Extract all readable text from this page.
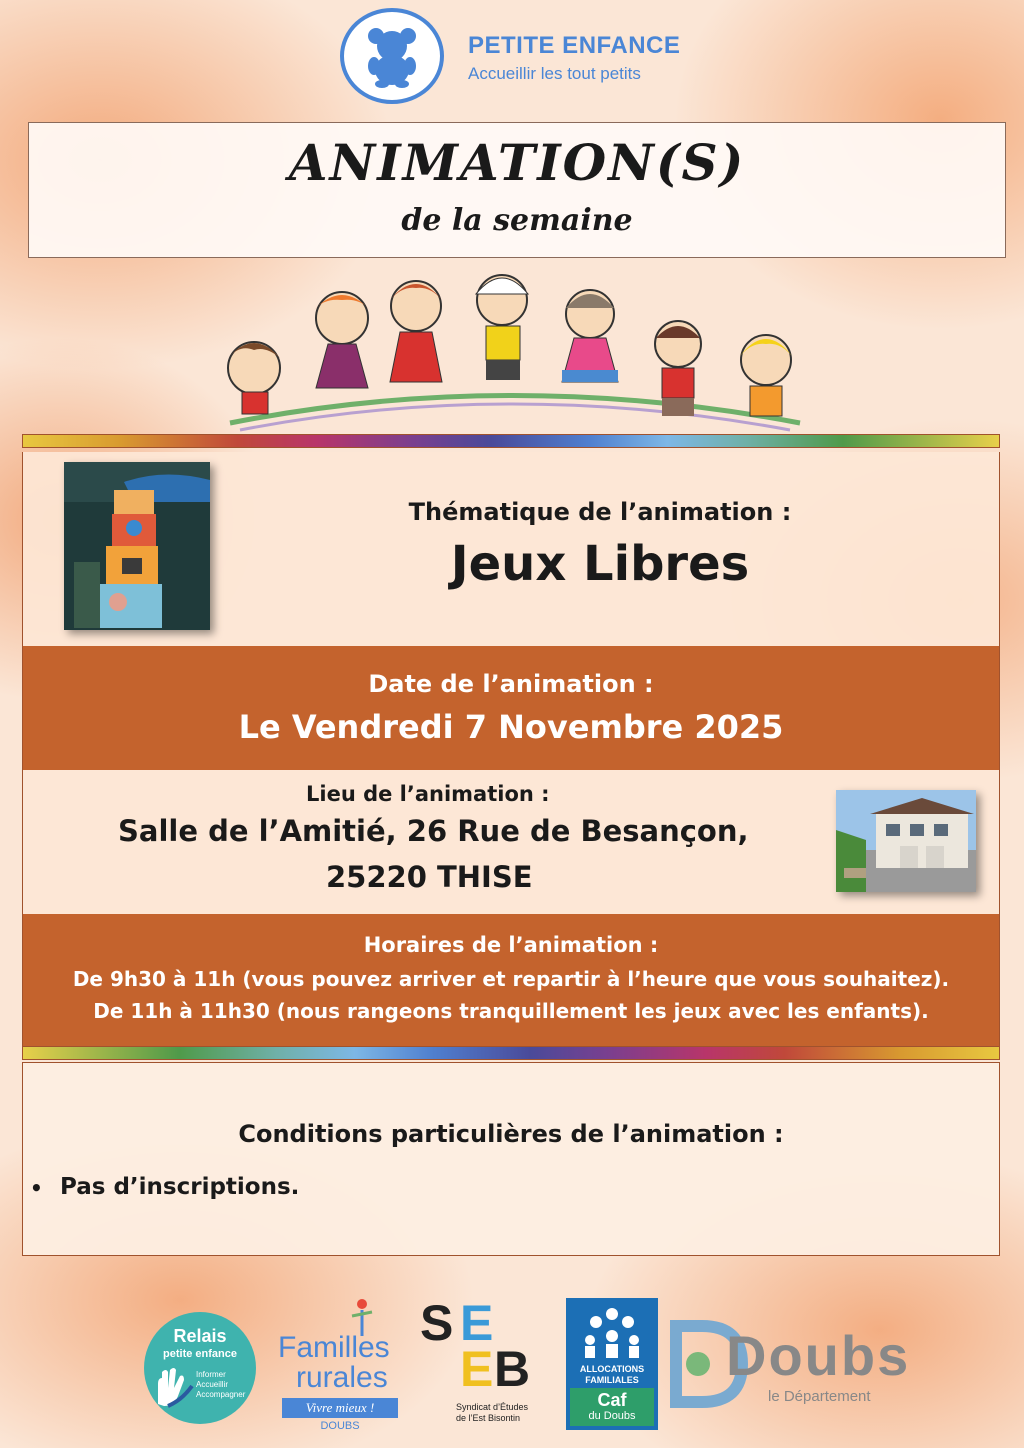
PETITE ENFANCE
Accueillir les tout petits
ANIMATION(S)
de la semaine
Thématique de l’animation :
Jeux Libres
Date de l’animation :
Le Vendredi 7 Novembre 2025
Lieu de l’animation :
Salle de l’Amitié, 26 Rue de Besançon,
25220 THISE
Horaires de l’animation :
De 9h30 à 11h (vous pouvez arriver et repartir à l’heure que vous souhaitez).
De 11h à 11h30 (nous rangeons tranquillement les jeux avec les enfants).
Conditions particulières de l’animation :
• Pas d’inscriptions.
Relais
petite enfance
Informer
Accueillir
Accompagner
Familles
rurales
Vivre mieux !
DOUBS
S E
E B
Syndicat d’Études
de l’Est Bisontin
ALLOCATIONS
FAMILIALES
Caf
du Doubs
Doubs
le Département
